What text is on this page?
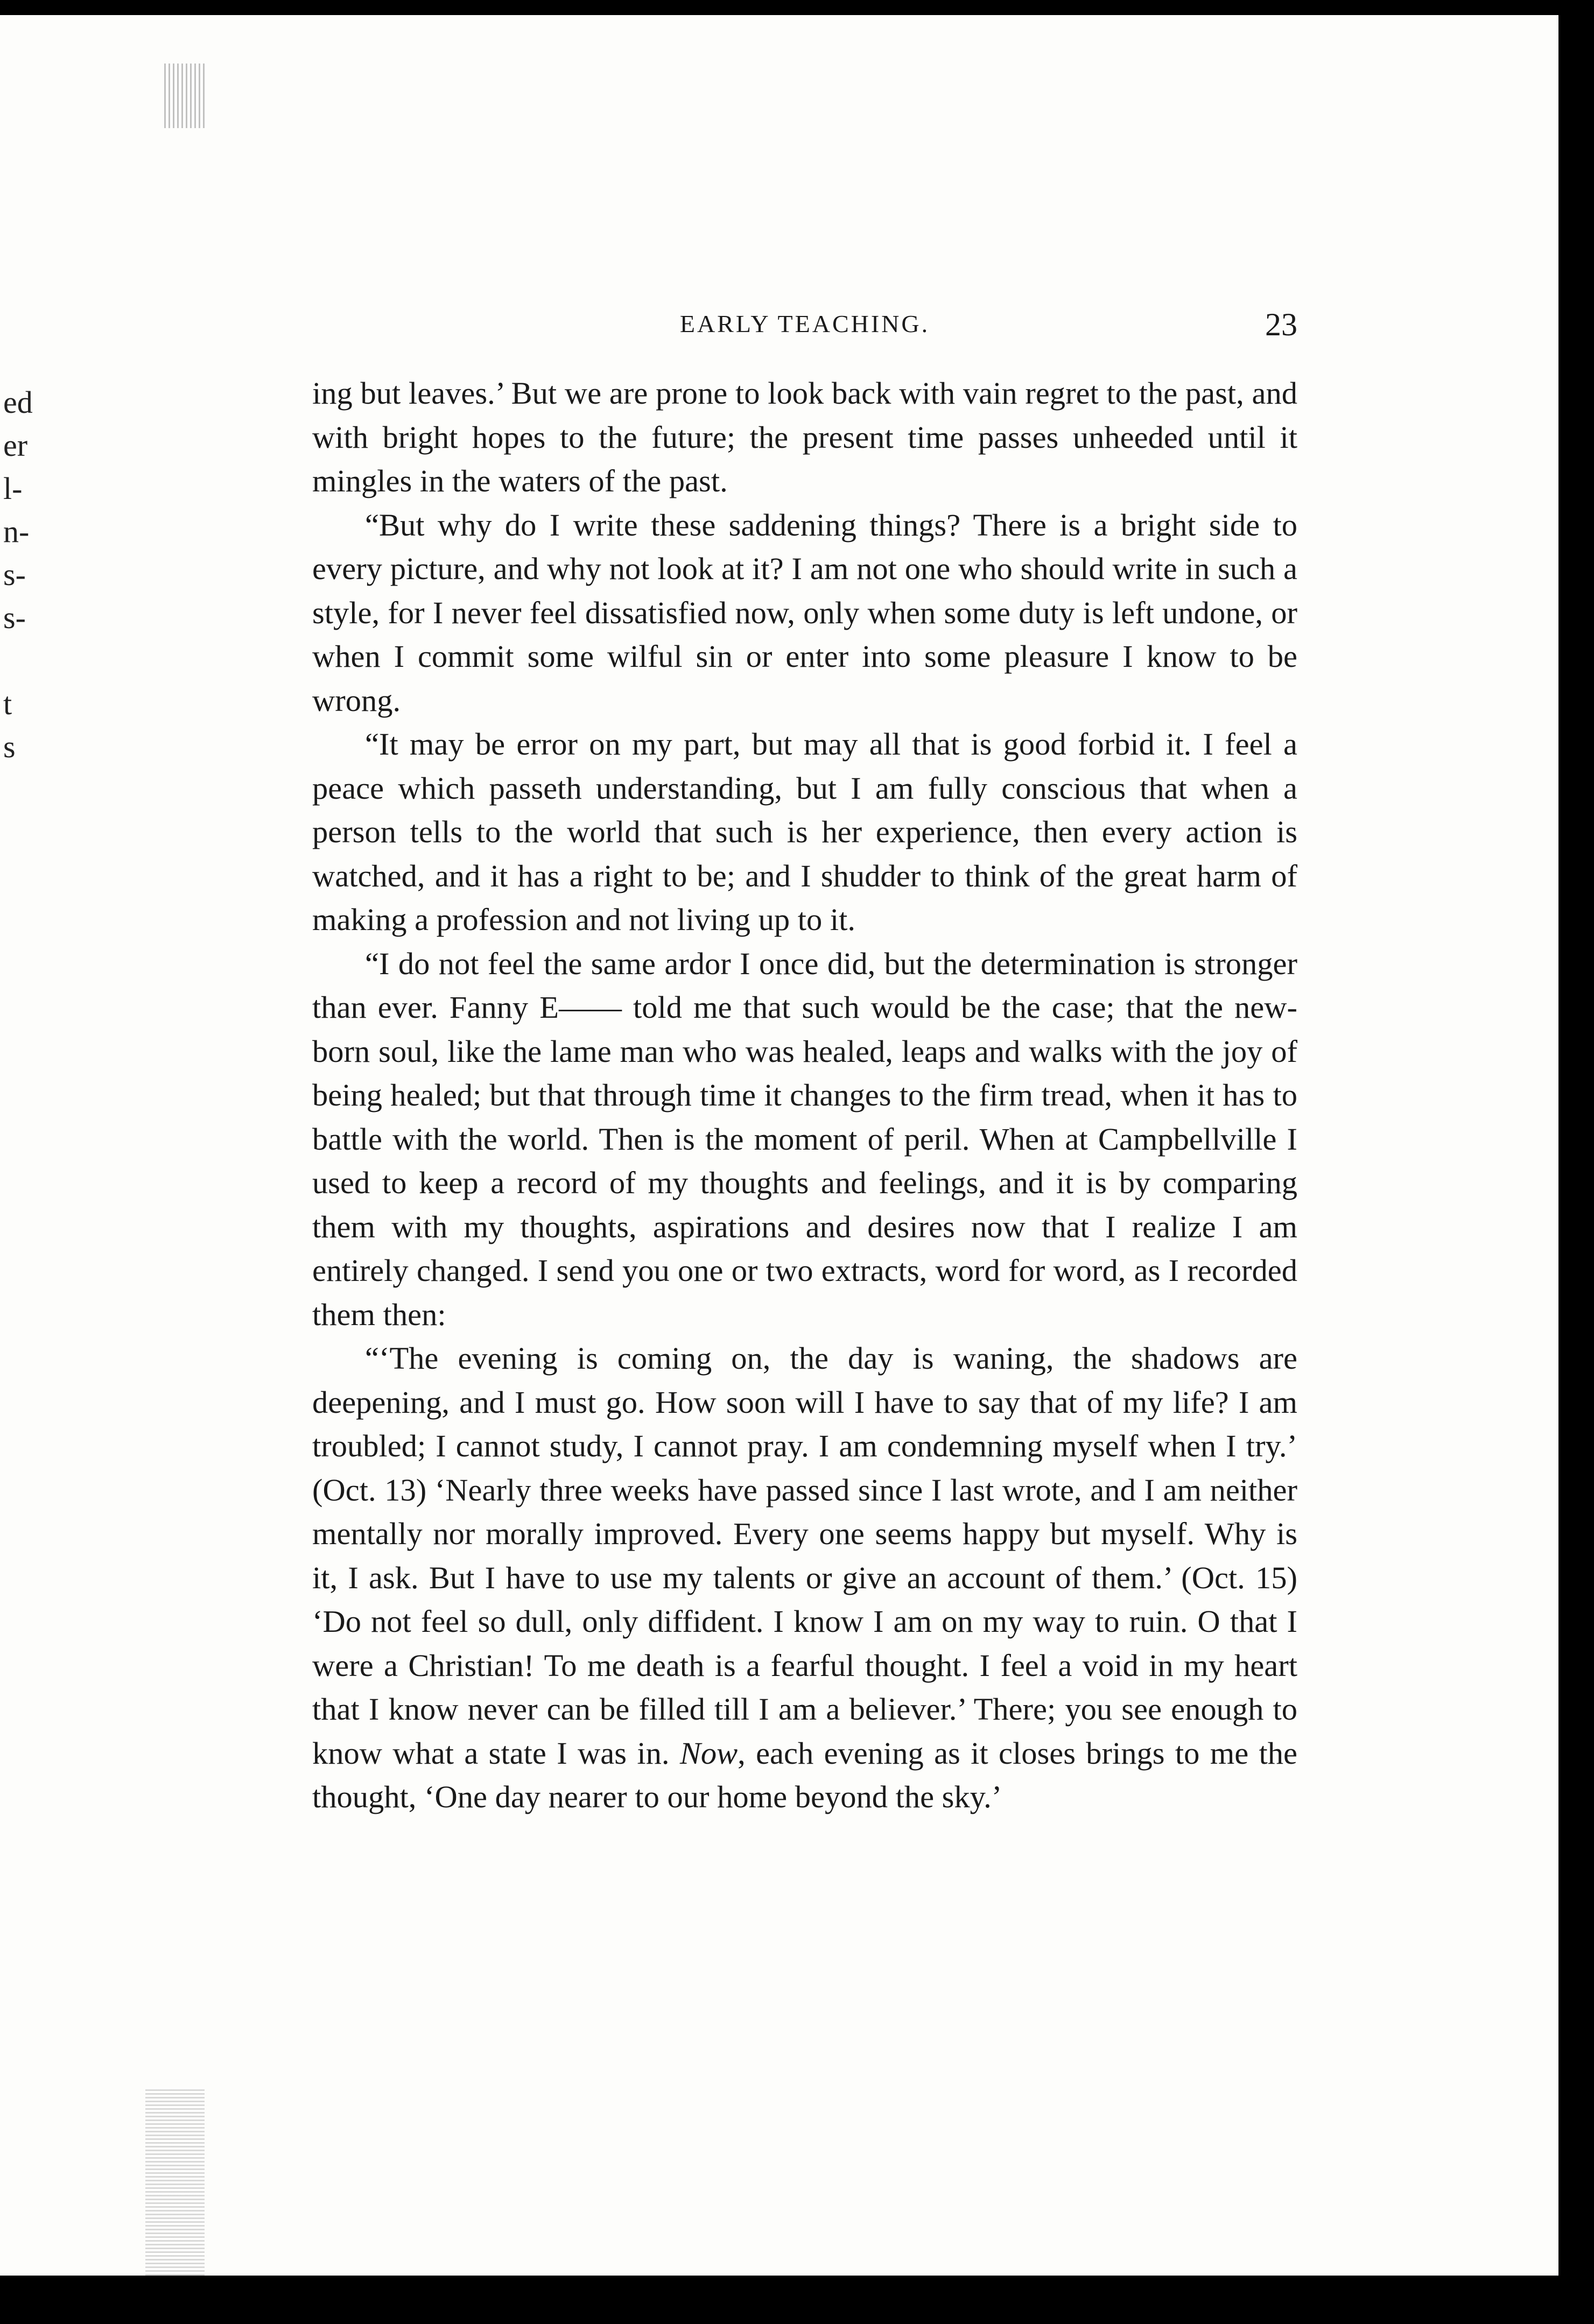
ed
er
l-
n-
s-
s-
t
s
EARLY TEACHING.	23

ing but leaves.’ But we are prone to look back with vain regret to the past, and with bright hopes to the future; the present time passes unheeded until it mingles in the waters of the past.

“But why do I write these saddening things? There is a bright side to every picture, and why not look at it? I am not one who should write in such a style, for I never feel dissatisfied now, only when some duty is left undone, or when I commit some wilful sin or enter into some pleasure I know to be wrong.

“It may be error on my part, but may all that is good forbid it. I feel a peace which passeth understanding, but I am fully conscious that when a person tells to the world that such is her experience, then every action is watched, and it has a right to be; and I shudder to think of the great harm of making a profession and not living up to it.

“I do not feel the same ardor I once did, but the determination is stronger than ever. Fanny E—— told me that such would be the case; that the new-born soul, like the lame man who was healed, leaps and walks with the joy of being healed; but that through time it changes to the firm tread, when it has to battle with the world. Then is the moment of peril. When at Campbellville I used to keep a record of my thoughts and feelings, and it is by comparing them with my thoughts, aspirations and desires now that I realize I am entirely changed. I send you one or two extracts, word for word, as I recorded them then:

“‘The evening is coming on, the day is waning, the shadows are deepening, and I must go. How soon will I have to say that of my life? I am troubled; I cannot study, I cannot pray. I am condemning myself when I try.’ (Oct. 13) ‘Nearly three weeks have passed since I last wrote, and I am neither mentally nor morally improved. Every one seems happy but myself. Why is it, I ask. But I have to use my talents or give an account of them.’ (Oct. 15) ‘Do not feel so dull, only diffident. I know I am on my way to ruin. O that I were a Christian! To me death is a fearful thought. I feel a void in my heart that I know never can be filled till I am a believer.’ There; you see enough to know what a state I was in. Now, each evening as it closes brings to me the thought, ‘One day nearer to our home beyond the sky.’
